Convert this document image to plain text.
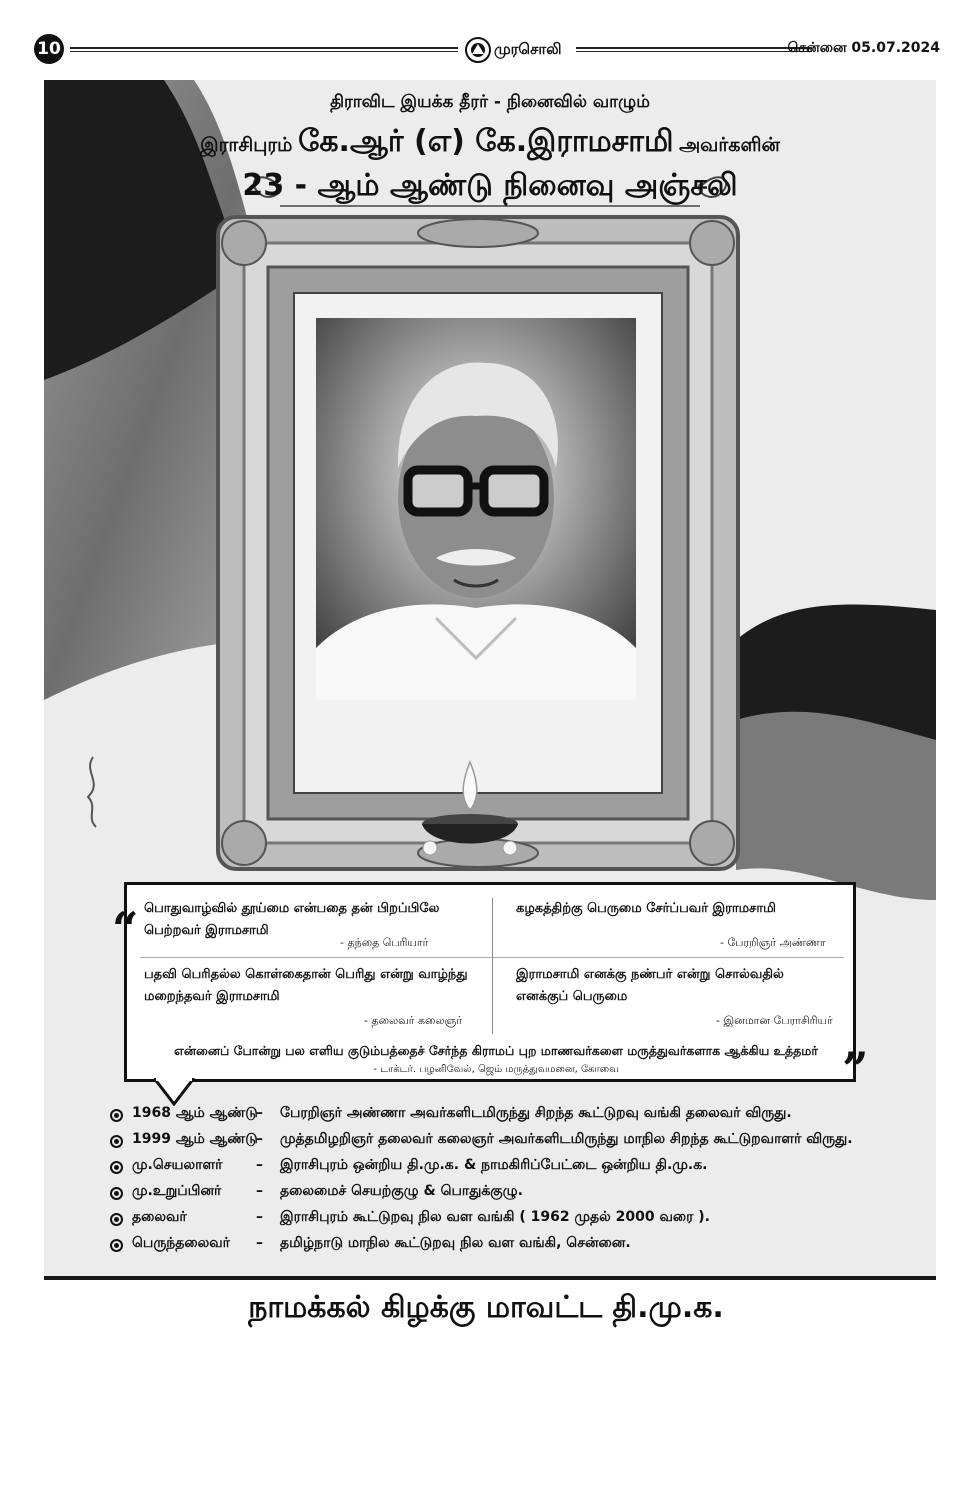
10	முரசொலி	சென்னை 05.07.2024
திராவிட இயக்க தீரர் - நினைவில் வாழும்
இராசிபுரம் கே.ஆர் (எ) கே.இராமசாமி அவர்களின்
23 - ஆம் ஆண்டு நினைவு அஞ்சலி
“
”
பொதுவாழ்வில் தூய்மை என்பதை தன் பிறப்பிலே பெற்றவர் இராமசாமி
- தந்தை பெரியார்
கழகத்திற்கு பெருமை சேர்ப்பவர் இராமசாமி
- பேரறிஞர் அண்ணா
பதவி பெரிதல்ல கொள்கைதான் பெரிது என்று வாழ்ந்து மறைந்தவர் இராமசாமி
- தலைவர் கலைஞர்
இராமசாமி எனக்கு நண்பர் என்று சொல்வதில் எனக்குப் பெருமை
- இனமான பேராசிரியர்
என்னைப் போன்று பல எளிய குடும்பத்தைச் சேர்ந்த கிராமப் புற மாணவர்களை மருத்துவர்களாக ஆக்கிய உத்தமர்
- டாக்டர். பழனிவேல், ஜெம் மருத்துவமனை, கோவை
1968 ஆம் ஆண்டு
– பேரறிஞர் அண்ணா அவர்களிடமிருந்து சிறந்த கூட்டுறவு வங்கி தலைவர் விருது.
1999 ஆம் ஆண்டு
– முத்தமிழறிஞர் தலைவர் கலைஞர் அவர்களிடமிருந்து மாநில சிறந்த கூட்டுறவாளர் விருது.
மு.செயலாளர் – இராசிபுரம் ஒன்றிய தி.மு.க. & நாமகிரிப்பேட்டை ஒன்றிய தி.மு.க.
மு.உறுப்பினர் – தலைமைச் செயற்குழு & பொதுக்குழு.
தலைவர்	– இராசிபுரம் கூட்டுறவு நில வள வங்கி ( 1962 முதல் 2000 வரை ).
பெருந்தலைவர் – தமிழ்நாடு மாநில கூட்டுறவு நில வள வங்கி, சென்னை.
நாமக்கல் கிழக்கு மாவட்ட தி.மு.க.
